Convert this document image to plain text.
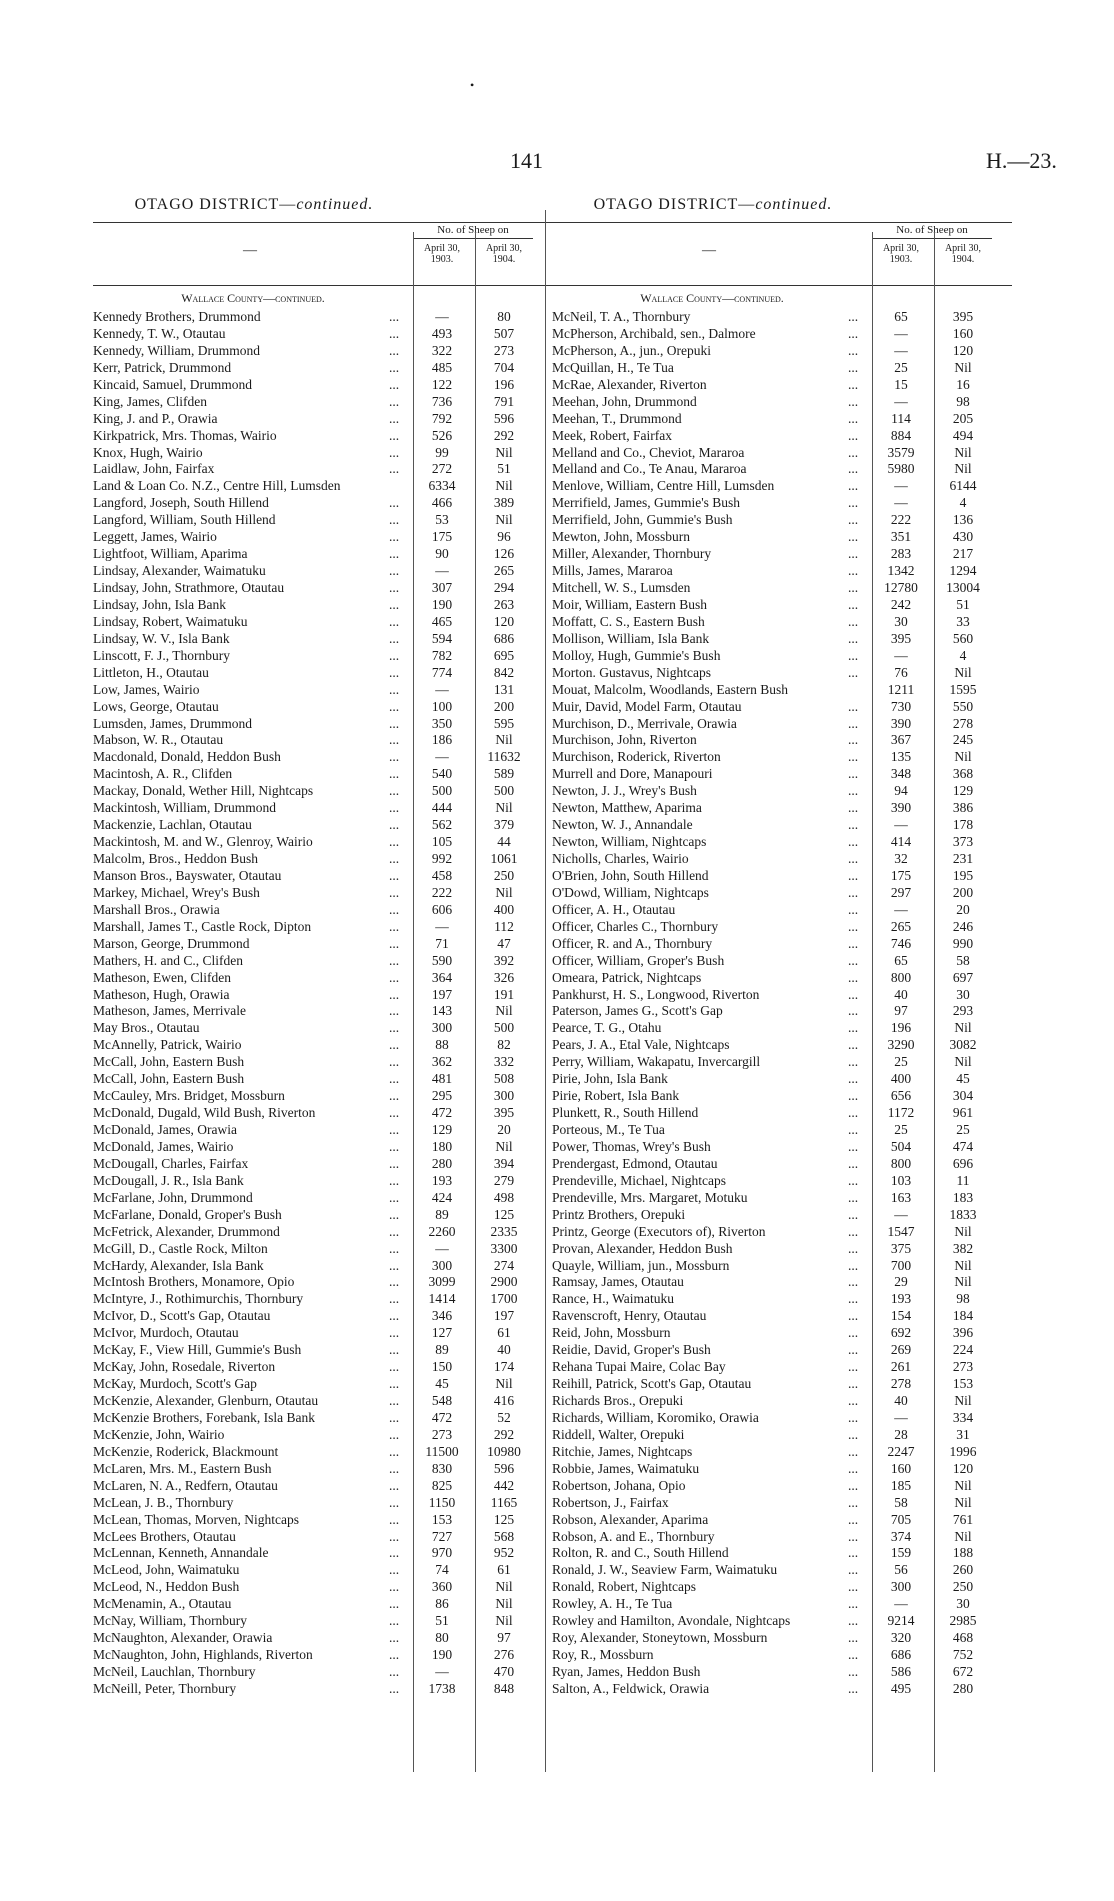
•
141	H.—23.
OTAGO DISTRICT—continued.
—
No. of Sheep on
April 30,
1903.
April 30,
1904.
Wallace County—continued.
Kennedy Brothers, Drummond	...	—	80
Kennedy, T. W., Otautau	...	493	507
Kennedy, William, Drummond	...	322	273
Kerr, Patrick, Drummond	...	485	704
Kincaid, Samuel, Drummond	...	122	196
King, James, Clifden	...	736	791
King, J. and P., Orawia	...	792	596
Kirkpatrick, Mrs. Thomas, Wairio	...	526	292
Knox, Hugh, Wairio	...	99	Nil
Laidlaw, John, Fairfax	...	272	51
Land & Loan Co. N.Z., Centre Hill, Lumsden	6334	Nil
Langford, Joseph, South Hillend	...	466	389
Langford, William, South Hillend	...	53	Nil
Leggett, James, Wairio	...	175	96
Lightfoot, William, Aparima	...	90	126
Lindsay, Alexander, Waimatuku	...	—	265
Lindsay, John, Strathmore, Otautau	...	307	294
Lindsay, John, Isla Bank	...	190	263
Lindsay, Robert, Waimatuku	...	465	120
Lindsay, W. V., Isla Bank	...	594	686
Linscott, F. J., Thornbury	...	782	695
Littleton, H., Otautau	...	774	842
Low, James, Wairio	...	—	131
Lows, George, Otautau	...	100	200
Lumsden, James, Drummond	...	350	595
Mabson, W. R., Otautau	...	186	Nil
Macdonald, Donald, Heddon Bush	...	—	11632
Macintosh, A. R., Clifden	...	540	589
Mackay, Donald, Wether Hill, Nightcaps	...	500	500
Mackintosh, William, Drummond	...	444	Nil
Mackenzie, Lachlan, Otautau	...	562	379
Mackintosh, M. and W., Glenroy, Wairio	...	105	44
Malcolm, Bros., Heddon Bush	...	992	1061
Manson Bros., Bayswater, Otautau	...	458	250
Markey, Michael, Wrey's Bush	...	222	Nil
Marshall Bros., Orawia	...	606	400
Marshall, James T., Castle Rock, Dipton	...	—	112
Marson, George, Drummond	...	71	47
Mathers, H. and C., Clifden	...	590	392
Matheson, Ewen, Clifden	...	364	326
Matheson, Hugh, Orawia	...	197	191
Matheson, James, Merrivale	...	143	Nil
May Bros., Otautau	...	300	500
McAnnelly, Patrick, Wairio	...	88	82
McCall, John, Eastern Bush	...	362	332
McCall, John, Eastern Bush	...	481	508
McCauley, Mrs. Bridget, Mossburn	...	295	300
McDonald, Dugald, Wild Bush, Riverton	...	472	395
McDonald, James, Orawia	...	129	20
McDonald, James, Wairio	...	180	Nil
McDougall, Charles, Fairfax	...	280	394
McDougall, J. R., Isla Bank	...	193	279
McFarlane, John, Drummond	...	424	498
McFarlane, Donald, Groper's Bush	...	89	125
McFetrick, Alexander, Drummond	...	2260	2335
McGill, D., Castle Rock, Milton	...	—	3300
McHardy, Alexander, Isla Bank	...	300	274
McIntosh Brothers, Monamore, Opio	...	3099	2900
McIntyre, J., Rothimurchis, Thornbury	...	1414	1700
McIvor, D., Scott's Gap, Otautau	...	346	197
McIvor, Murdoch, Otautau	...	127	61
McKay, F., View Hill, Gummie's Bush	...	89	40
McKay, John, Rosedale, Riverton	...	150	174
McKay, Murdoch, Scott's Gap	...	45	Nil
McKenzie, Alexander, Glenburn, Otautau	...	548	416
McKenzie Brothers, Forebank, Isla Bank	...	472	52
McKenzie, John, Wairio	...	273	292
McKenzie, Roderick, Blackmount	...	11500	10980
McLaren, Mrs. M., Eastern Bush	...	830	596
McLaren, N. A., Redfern, Otautau	...	825	442
McLean, J. B., Thornbury	...	1150	1165
McLean, Thomas, Morven, Nightcaps	...	153	125
McLees Brothers, Otautau	...	727	568
McLennan, Kenneth, Annandale	...	970	952
McLeod, John, Waimatuku	...	74	61
McLeod, N., Heddon Bush	...	360	Nil
McMenamin, A., Otautau	...	86	Nil
McNay, William, Thornbury	...	51	Nil
McNaughton, Alexander, Orawia	...	80	97
McNaughton, John, Highlands, Riverton	...	190	276
McNeil, Lauchlan, Thornbury	...	—	470
McNeill, Peter, Thornbury	...	1738	848
OTAGO DISTRICT—continued.
—
No. of Sheep on
April 30,
1903.
April 30,
1904.
Wallace County—continued.
McNeil, T. A., Thornbury	...	65	395
McPherson, Archibald, sen., Dalmore	...	—	160
McPherson, A., jun., Orepuki	...	—	120
McQuillan, H., Te Tua	...	25	Nil
McRae, Alexander, Riverton	...	15	16
Meehan, John, Drummond	...	—	98
Meehan, T., Drummond	...	114	205
Meek, Robert, Fairfax	...	884	494
Melland and Co., Cheviot, Mararoa	...	3579	Nil
Melland and Co., Te Anau, Mararoa	...	5980	Nil
Menlove, William, Centre Hill, Lumsden	...	—	6144
Merrifield, James, Gummie's Bush	...	—	4
Merrifield, John, Gummie's Bush	...	222	136
Mewton, John, Mossburn	...	351	430
Miller, Alexander, Thornbury	...	283	217
Mills, James, Mararoa	...	1342	1294
Mitchell, W. S., Lumsden	...	12780	13004
Moir, William, Eastern Bush	...	242	51
Moffatt, C. S., Eastern Bush	...	30	33
Mollison, William, Isla Bank	...	395	560
Molloy, Hugh, Gummie's Bush	...	—	4
Morton. Gustavus, Nightcaps	...	76	Nil
Mouat, Malcolm, Woodlands, Eastern Bush	1211	1595
Muir, David, Model Farm, Otautau	...	730	550
Murchison, D., Merrivale, Orawia	...	390	278
Murchison, John, Riverton	...	367	245
Murchison, Roderick, Riverton	...	135	Nil
Murrell and Dore, Manapouri	...	348	368
Newton, J. J., Wrey's Bush	...	94	129
Newton, Matthew, Aparima	...	390	386
Newton, W. J., Annandale	...	—	178
Newton, William, Nightcaps	...	414	373
Nicholls, Charles, Wairio	...	32	231
O'Brien, John, South Hillend	...	175	195
O'Dowd, William, Nightcaps	...	297	200
Officer, A. H., Otautau	...	—	20
Officer, Charles C., Thornbury	...	265	246
Officer, R. and A., Thornbury	...	746	990
Officer, William, Groper's Bush	...	65	58
Omeara, Patrick, Nightcaps	...	800	697
Pankhurst, H. S., Longwood, Riverton	...	40	30
Paterson, James G., Scott's Gap	...	97	293
Pearce, T. G., Otahu	...	196	Nil
Pears, J. A., Etal Vale, Nightcaps	...	3290	3082
Perry, William, Wakapatu, Invercargill	...	25	Nil
Pirie, John, Isla Bank	...	400	45
Pirie, Robert, Isla Bank	...	656	304
Plunkett, R., South Hillend	...	1172	961
Porteous, M., Te Tua	...	25	25
Power, Thomas, Wrey's Bush	...	504	474
Prendergast, Edmond, Otautau	...	800	696
Prendeville, Michael, Nightcaps	...	103	11
Prendeville, Mrs. Margaret, Motuku	...	163	183
Printz Brothers, Orepuki	...	—	1833
Printz, George (Executors of), Riverton	...	1547	Nil
Provan, Alexander, Heddon Bush	...	375	382
Quayle, William, jun., Mossburn	...	700	Nil
Ramsay, James, Otautau	...	29	Nil
Rance, H., Waimatuku	...	193	98
Ravenscroft, Henry, Otautau	...	154	184
Reid, John, Mossburn	...	692	396
Reidie, David, Groper's Bush	...	269	224
Rehana Tupai Maire, Colac Bay	...	261	273
Reihill, Patrick, Scott's Gap, Otautau	...	278	153
Richards Bros., Orepuki	...	40	Nil
Richards, William, Koromiko, Orawia	...	—	334
Riddell, Walter, Orepuki	...	28	31
Ritchie, James, Nightcaps	...	2247	1996
Robbie, James, Waimatuku	...	160	120
Robertson, Johana, Opio	...	185	Nil
Robertson, J., Fairfax	...	58	Nil
Robson, Alexander, Aparima	...	705	761
Robson, A. and E., Thornbury	...	374	Nil
Rolton, R. and C., South Hillend	...	159	188
Ronald, J. W., Seaview Farm, Waimatuku	...	56	260
Ronald, Robert, Nightcaps	...	300	250
Rowley, A. H., Te Tua	...	—	30
Rowley and Hamilton, Avondale, Nightcaps	...	9214	2985
Roy, Alexander, Stoneytown, Mossburn	...	320	468
Roy, R., Mossburn	...	686	752
Ryan, James, Heddon Bush	...	586	672
Salton, A., Feldwick, Orawia	...	495	280
